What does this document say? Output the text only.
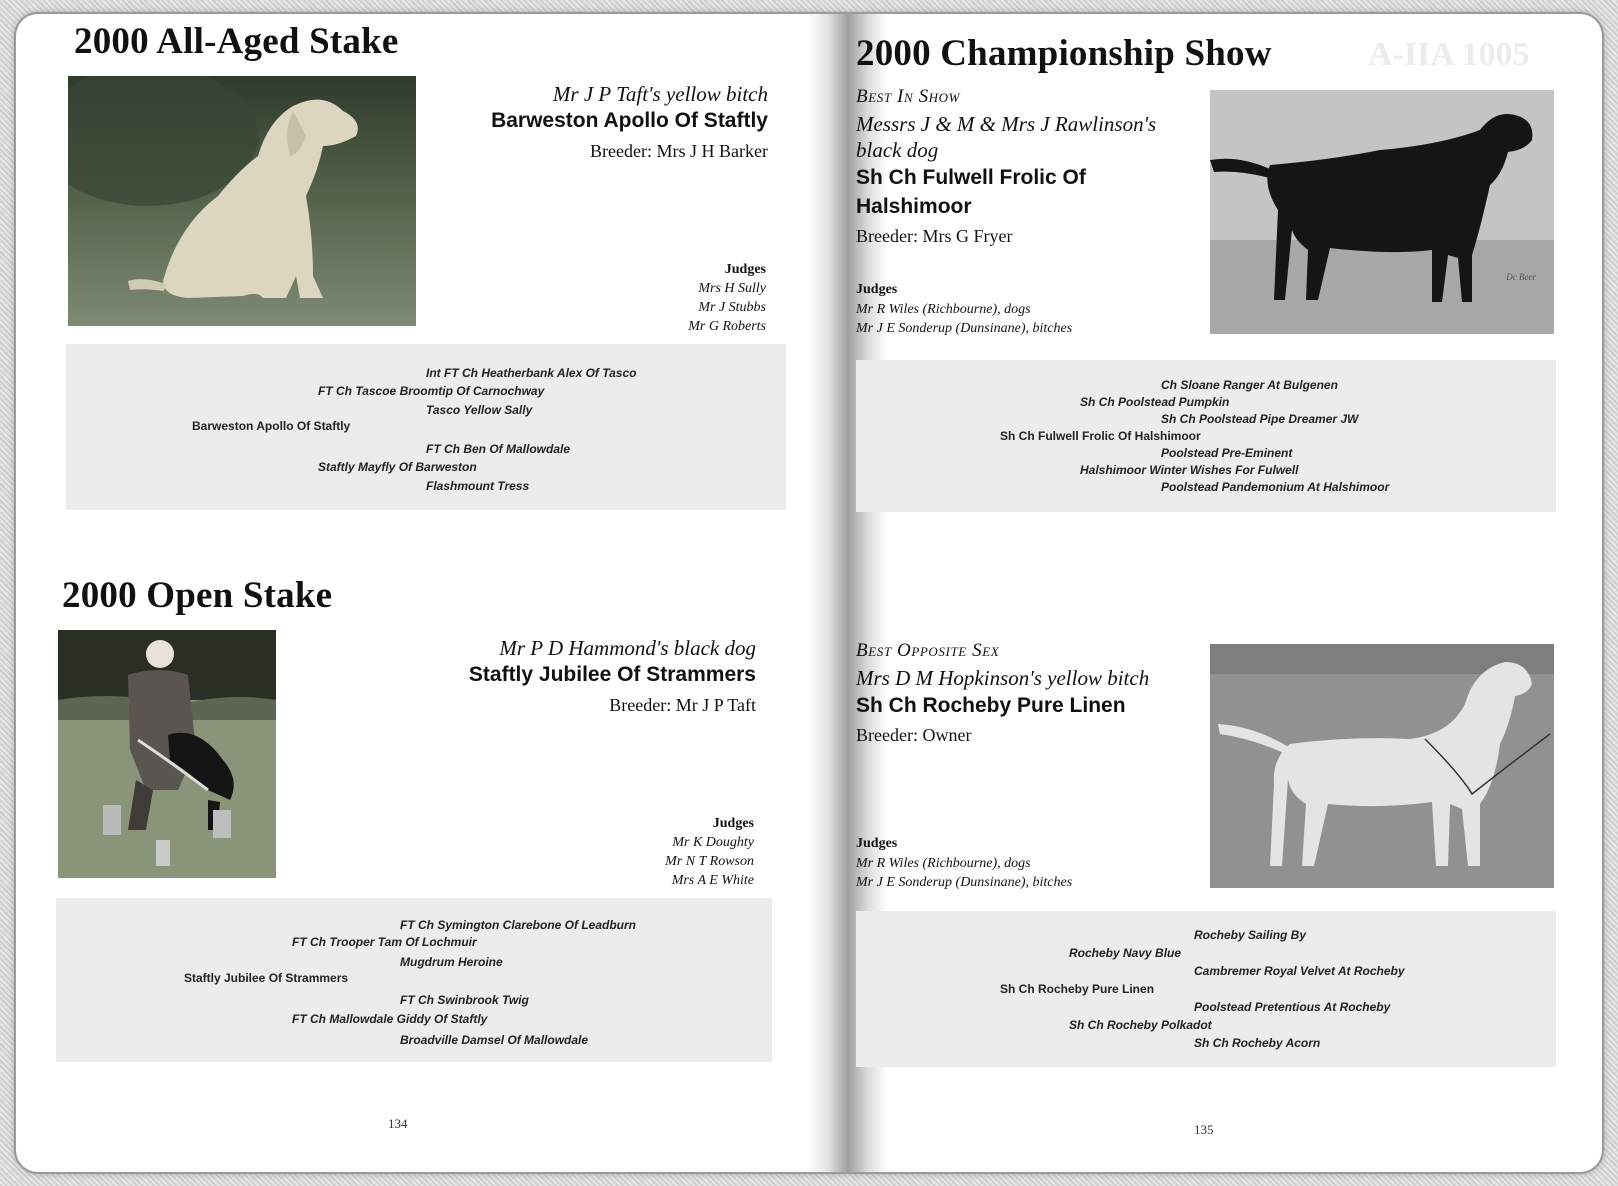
2000 All-Aged Stake
Mr J P Taft's yellow bitch
Barweston Apollo Of Staftly
Breeder: Mrs J H Barker
Judges
Mrs H Sully
Mr J Stubbs
Mr G Roberts
Int FT Ch Heatherbank Alex Of Tasco
FT Ch Tascoe Broomtip Of Carnochway
Tasco Yellow Sally
Barweston Apollo Of Staftly
FT Ch Ben Of Mallowdale
Staftly Mayfly Of Barweston
Flashmount Tress
2000 Open Stake
Mr P D Hammond's black dog
Staftly Jubilee Of Strammers
Breeder: Mr J P Taft
Judges
Mr K Doughty
Mr N T Rowson
Mrs A E White
FT Ch Symington Clarebone Of Leadburn
FT Ch Trooper Tam Of Lochmuir
Mugdrum Heroine
Staftly Jubilee Of Strammers
FT Ch Swinbrook Twig
FT Ch Mallowdale Giddy Of Staftly
Broadville Damsel Of Mallowdale
134
2000 Championship Show	A-IIA 1005
Best In Show
Messrs J & M & Mrs J Rawlinson's
black dog
Sh Ch Fulwell Frolic Of
Halshimoor
Breeder: Mrs G Fryer
Dc Beer
Judges
Mr R Wiles (Richbourne), dogs
Mr J E Sonderup (Dunsinane), bitches
Ch Sloane Ranger At Bulgenen
Sh Ch Poolstead Pumpkin
Sh Ch Poolstead Pipe Dreamer JW
Sh Ch Fulwell Frolic Of Halshimoor
Poolstead Pre-Eminent
Halshimoor Winter Wishes For Fulwell
Poolstead Pandemonium At Halshimoor
Best Opposite Sex
Mrs D M Hopkinson's yellow bitch
Sh Ch Rocheby Pure Linen
Breeder: Owner
Judges
Mr R Wiles (Richbourne), dogs
Mr J E Sonderup (Dunsinane), bitches
Rocheby Sailing By
Rocheby Navy Blue
Cambremer Royal Velvet At Rocheby
Sh Ch Rocheby Pure Linen
Poolstead Pretentious At Rocheby
Sh Ch Rocheby Polkadot
Sh Ch Rocheby Acorn
135
